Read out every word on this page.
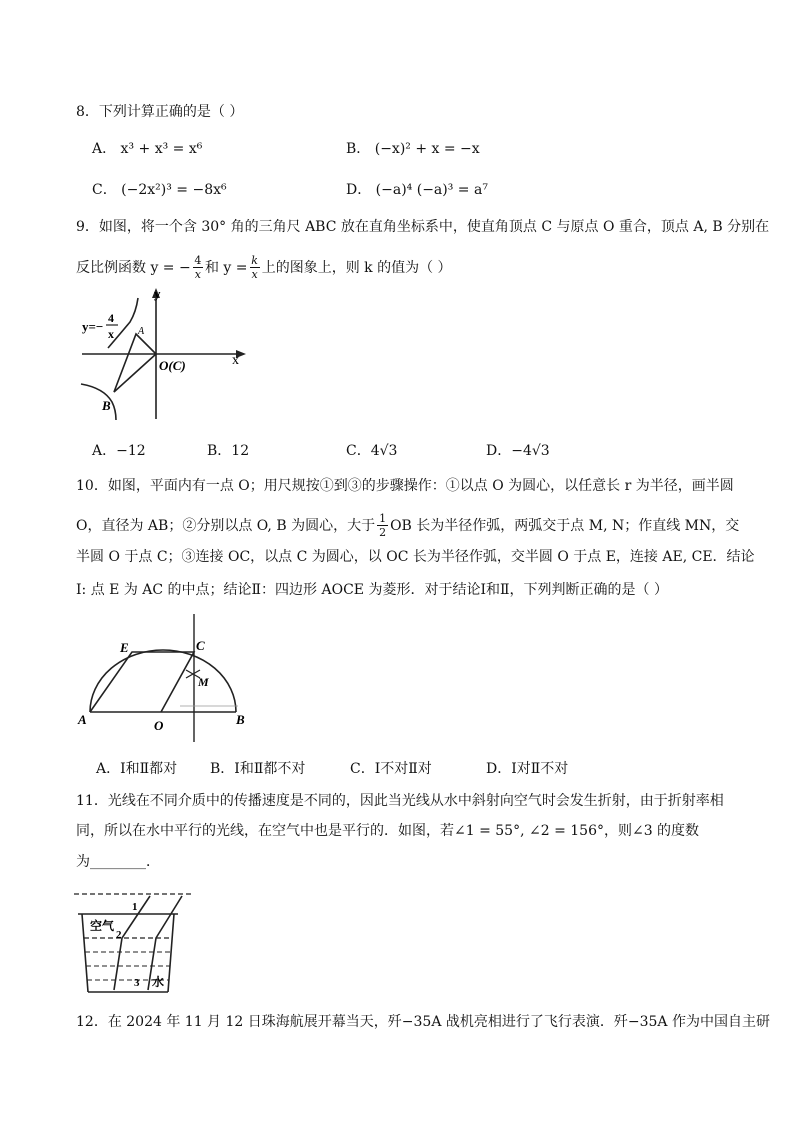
8．下列计算正确的是（ ）
A． x³ + x³ = x⁶	B． (−x)² + x = −x
C． (−2x²)³ = −8x⁶	D． (−a)⁴ (−a)³ = a⁷
9．如图，将一个含 30° 角的三角尺 ABC 放在直角坐标系中，使直角顶点 C 与原点 O 重合，顶点 A, B 分别在
反比例函数 y = − $\frac{4}{x}$ 和 $y = \frac{k}{x}$ 上的图象上，则 k 的值为（ ）
y
x
y=−
4
x A
B
O(C)
A．−12	B．12	C．4√3	D．−4√3
10．如图，平面内有一点 O；用尺规按①到③的步骤操作：①以点 O 为圆心，以任意长 r 为半径，画半圆
O，直径为 AB；②分别以点 O, B 为圆心，大于 $\frac{1}{2}$ OB 长为半径作弧，两弧交于点 M, N；作直线 MN，交
半圆 O 于点 C；③连接 OC，以点 C 为圆心，以 OC 长为半径作弧，交半圆 O 于点 E，连接 AE, CE．结论
Ⅰ: 点 E 为 AC 的中点；结论Ⅱ：四边形 AOCE 为菱形．对于结论Ⅰ和Ⅱ，下列判断正确的是（ ）
E	C
M
A	O	B
A．Ⅰ和Ⅱ都对 B．Ⅰ和Ⅱ都不对	C．Ⅰ不对Ⅱ对	D．Ⅰ对Ⅱ不对
11．光线在不同介质中的传播速度是不同的，因此当光线从水中斜射向空气时会发生折射，由于折射率相
同，所以在水中平行的光线，在空气中也是平行的．如图，若∠1 = 55°, ∠2 = 156°，则∠3 的度数
为________．
1
2
3
空气
水
12．在 2024 年 11 月 12 日珠海航展开幕当天，歼−35A 战机亮相进行了飞行表演．歼−35A 作为中国自主研
